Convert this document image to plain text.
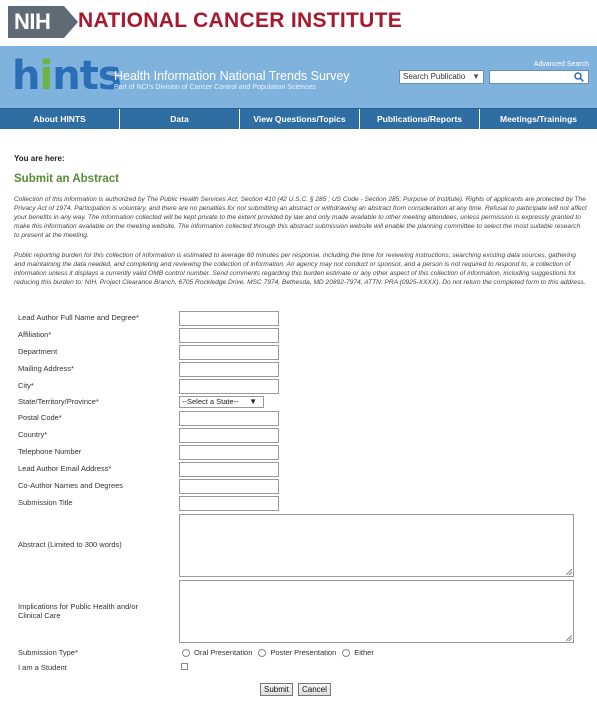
NIH	NATIONAL CANCER INSTITUTE
hints
Health Information National Trends Survey
Part of NCI's Division of Cancer Control and Population Sciences
Advanced Search
Search Publicatio ▼
About HINTS	Data	View Questions/Topics	Publications/Reports	Meetings/Trainings
You are here:
Submit an Abstract
Collection of this information is authorized by The Public Health Services Act, Section 410 (42 U.S.C. § 285 ; US Code - Section 285; Purpose of Institute). Rights of applicants are protected by The Privacy Act of 1974. Participation is voluntary, and there are no penalties for not submitting an abstract or withdrawing an abstract from consideration at any time. Refusal to participate will not affect your benefits in any way. The information collected will be kept private to the extent provided by law and only made available to other meeting attendees, unless permission is expressly granted to make this information available on the meeting website. The information collected through this abstract submission website will enable the planning committee to select the most suitable research to present at the meeting.
Public reporting burden for this collection of information is estimated to average 60 minutes per response, including the time for reviewing instructions, searching existing data sources, gathering and maintaining the data needed, and completing and reviewing the collection of information. An agency may not conduct or sponsor, and a person is not required to respond to, a collection of information unless it displays a currently valid OMB control number. Send comments regarding this burden estimate or any other aspect of this collection of information, including suggestions for reducing this burden to: NIH, Project Clearance Branch, 6705 Rockledge Drive, MSC 7974, Bethesda, MD 20892-7974, ATTN: PRA (0925-XXXX). Do not return the completed form to this address.
Lead Author Full Name and Degree*
Affiliation*
Department
Mailing Address*
City*
State/Territory/Province*	--Select a State-- ▼
Postal Code*
Country*
Telephone Number
Lead Author Email Address*
Co-Author Names and Degrees
Submission Title
Abstract (Limited to 300 words)
Implications for Public Health and/or Clinical Care
Submission Type*	Oral Presentation Poster Presentation Either
I am a Student
Submit	Cancel
